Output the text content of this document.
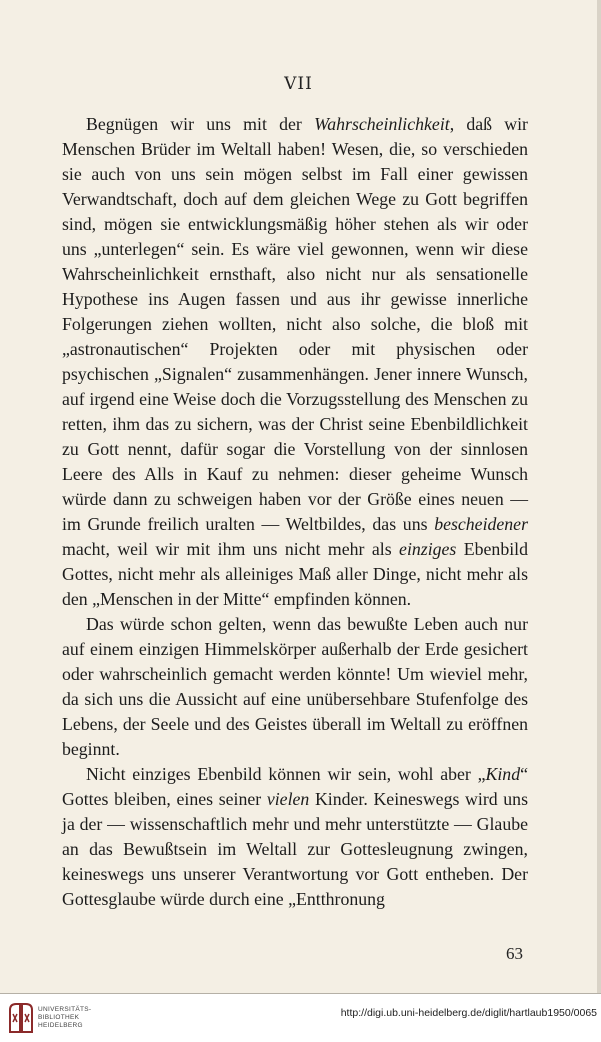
VII

Begnügen wir uns mit der Wahrscheinlichkeit, daß wir Menschen Brüder im Weltall haben! Wesen, die, so verschieden sie auch von uns sein mögen selbst im Fall einer gewissen Verwandtschaft, doch auf dem gleichen Wege zu Gott begriffen sind, mögen sie entwicklungsmäßig höher stehen als wir oder uns „unterlegen“ sein. Es wäre viel gewonnen, wenn wir diese Wahrscheinlichkeit ernsthaft, also nicht nur als sensationelle Hypothese ins Augen fassen und aus ihr gewisse innerliche Folgerungen ziehen wollten, nicht also solche, die bloß mit „astronautischen“ Projekten oder mit physischen oder psychischen „Signalen“ zusammenhängen. Jener innere Wunsch, auf irgend eine Weise doch die Vorzugsstellung des Menschen zu retten, ihm das zu sichern, was der Christ seine Ebenbildlichkeit zu Gott nennt, dafür sogar die Vorstellung von der sinnlosen Leere des Alls in Kauf zu nehmen: dieser geheime Wunsch würde dann zu schweigen haben vor der Größe eines neuen — im Grunde freilich uralten — Weltbildes, das uns bescheidener macht, weil wir mit ihm uns nicht mehr als einziges Ebenbild Gottes, nicht mehr als alleiniges Maß aller Dinge, nicht mehr als den „Menschen in der Mitte“ empfinden können.

Das würde schon gelten, wenn das bewußte Leben auch nur auf einem einzigen Himmelskörper außerhalb der Erde gesichert oder wahrscheinlich gemacht werden könnte! Um wieviel mehr, da sich uns die Aussicht auf eine unübersehbare Stufenfolge des Lebens, der Seele und des Geistes überall im Weltall zu eröffnen beginnt.

Nicht einziges Ebenbild können wir sein, wohl aber „Kind“ Gottes bleiben, eines seiner vielen Kinder. Keineswegs wird uns ja der — wissenschaftlich mehr und mehr unterstützte — Glaube an das Bewußtsein im Weltall zur Gottesleugnung zwingen, keineswegs uns unserer Verantwortung vor Gott entheben. Der Gottesglaube würde durch eine „Entthronung

63
UNIVERSITÄTS-
BIBLIOTHEK
HEIDELBERG
http://digi.ub.uni-heidelberg.de/diglit/hartlaub1950/0065
